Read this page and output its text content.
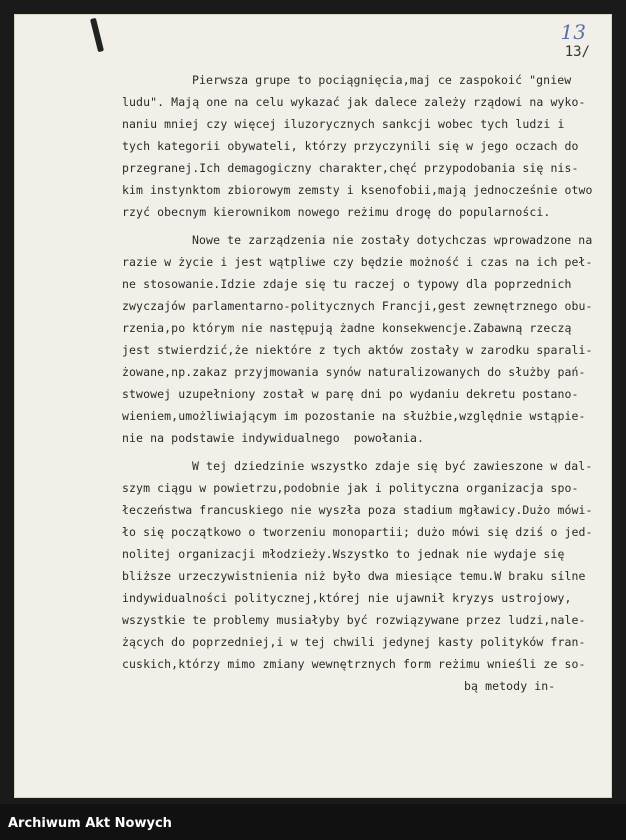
13
13/
Pierwsza grupe to pociągnięcia,maj ce zaspokoić "gniew
ludu". Mają one na celu wykazać jak dalece zależy rządowi na wyko-
naniu mniej czy więcej iluzorycznych sankcji wobec tych ludzi i
tych kategorii obywateli, którzy przyczynili się w jego oczach do
przegranej.Ich demagogiczny charakter,chęć przypodobania się nis-
kim instynktom zbiorowym zemsty i ksenofobii,mają jednocześnie otwo
rzyć obecnym kierownikom nowego reżimu drogę do popularności.
Nowe te zarządzenia nie zostały dotychczas wprowadzone na
razie w życie i jest wątpliwe czy będzie możność i czas na ich peł-
ne stosowanie.Idzie zdaje się tu raczej o typowy dla poprzednich
zwyczajów parlamentarno-politycznych Francji,gest zewnętrznego obu-
rzenia,po którym nie następują żadne konsekwencje.Zabawną rzeczą
jest stwierdzić,że niektóre z tych aktów zostały w zarodku sparali-
żowane,np.zakaz przyjmowania synów naturalizowanych do służby pań-
stwowej uzupełniony został w parę dni po wydaniu dekretu postano-
wieniem,umożliwiającym im pozostanie na służbie,względnie wstąpie-
nie na podstawie indywidualnego  powołania.
W tej dziedzinie wszystko zdaje się być zawieszone w dal-
szym ciągu w powietrzu,podobnie jak i polityczna organizacja spo-
łeczeństwa francuskiego nie wyszła poza stadium mgławicy.Dużo mówi-
ło się początkowo o tworzeniu monopartii; dużo mówi się dziś o jed-
nolitej organizacji młodzieży.Wszystko to jednak nie wydaje się
bliższe urzeczywistnienia niż było dwa miesiące temu.W braku silne
indywidualności politycznej,której nie ujawnił kryzys ustrojowy,
wszystkie te problemy musiałyby być rozwiązywane przez ludzi,nale-
żących do poprzedniej,i w tej chwili jedynej kasty polityków fran-
cuskich,którzy mimo zmiany wewnętrznych form reżimu wnieśli ze so-
bą metody in-
Archiwum Akt Nowych
